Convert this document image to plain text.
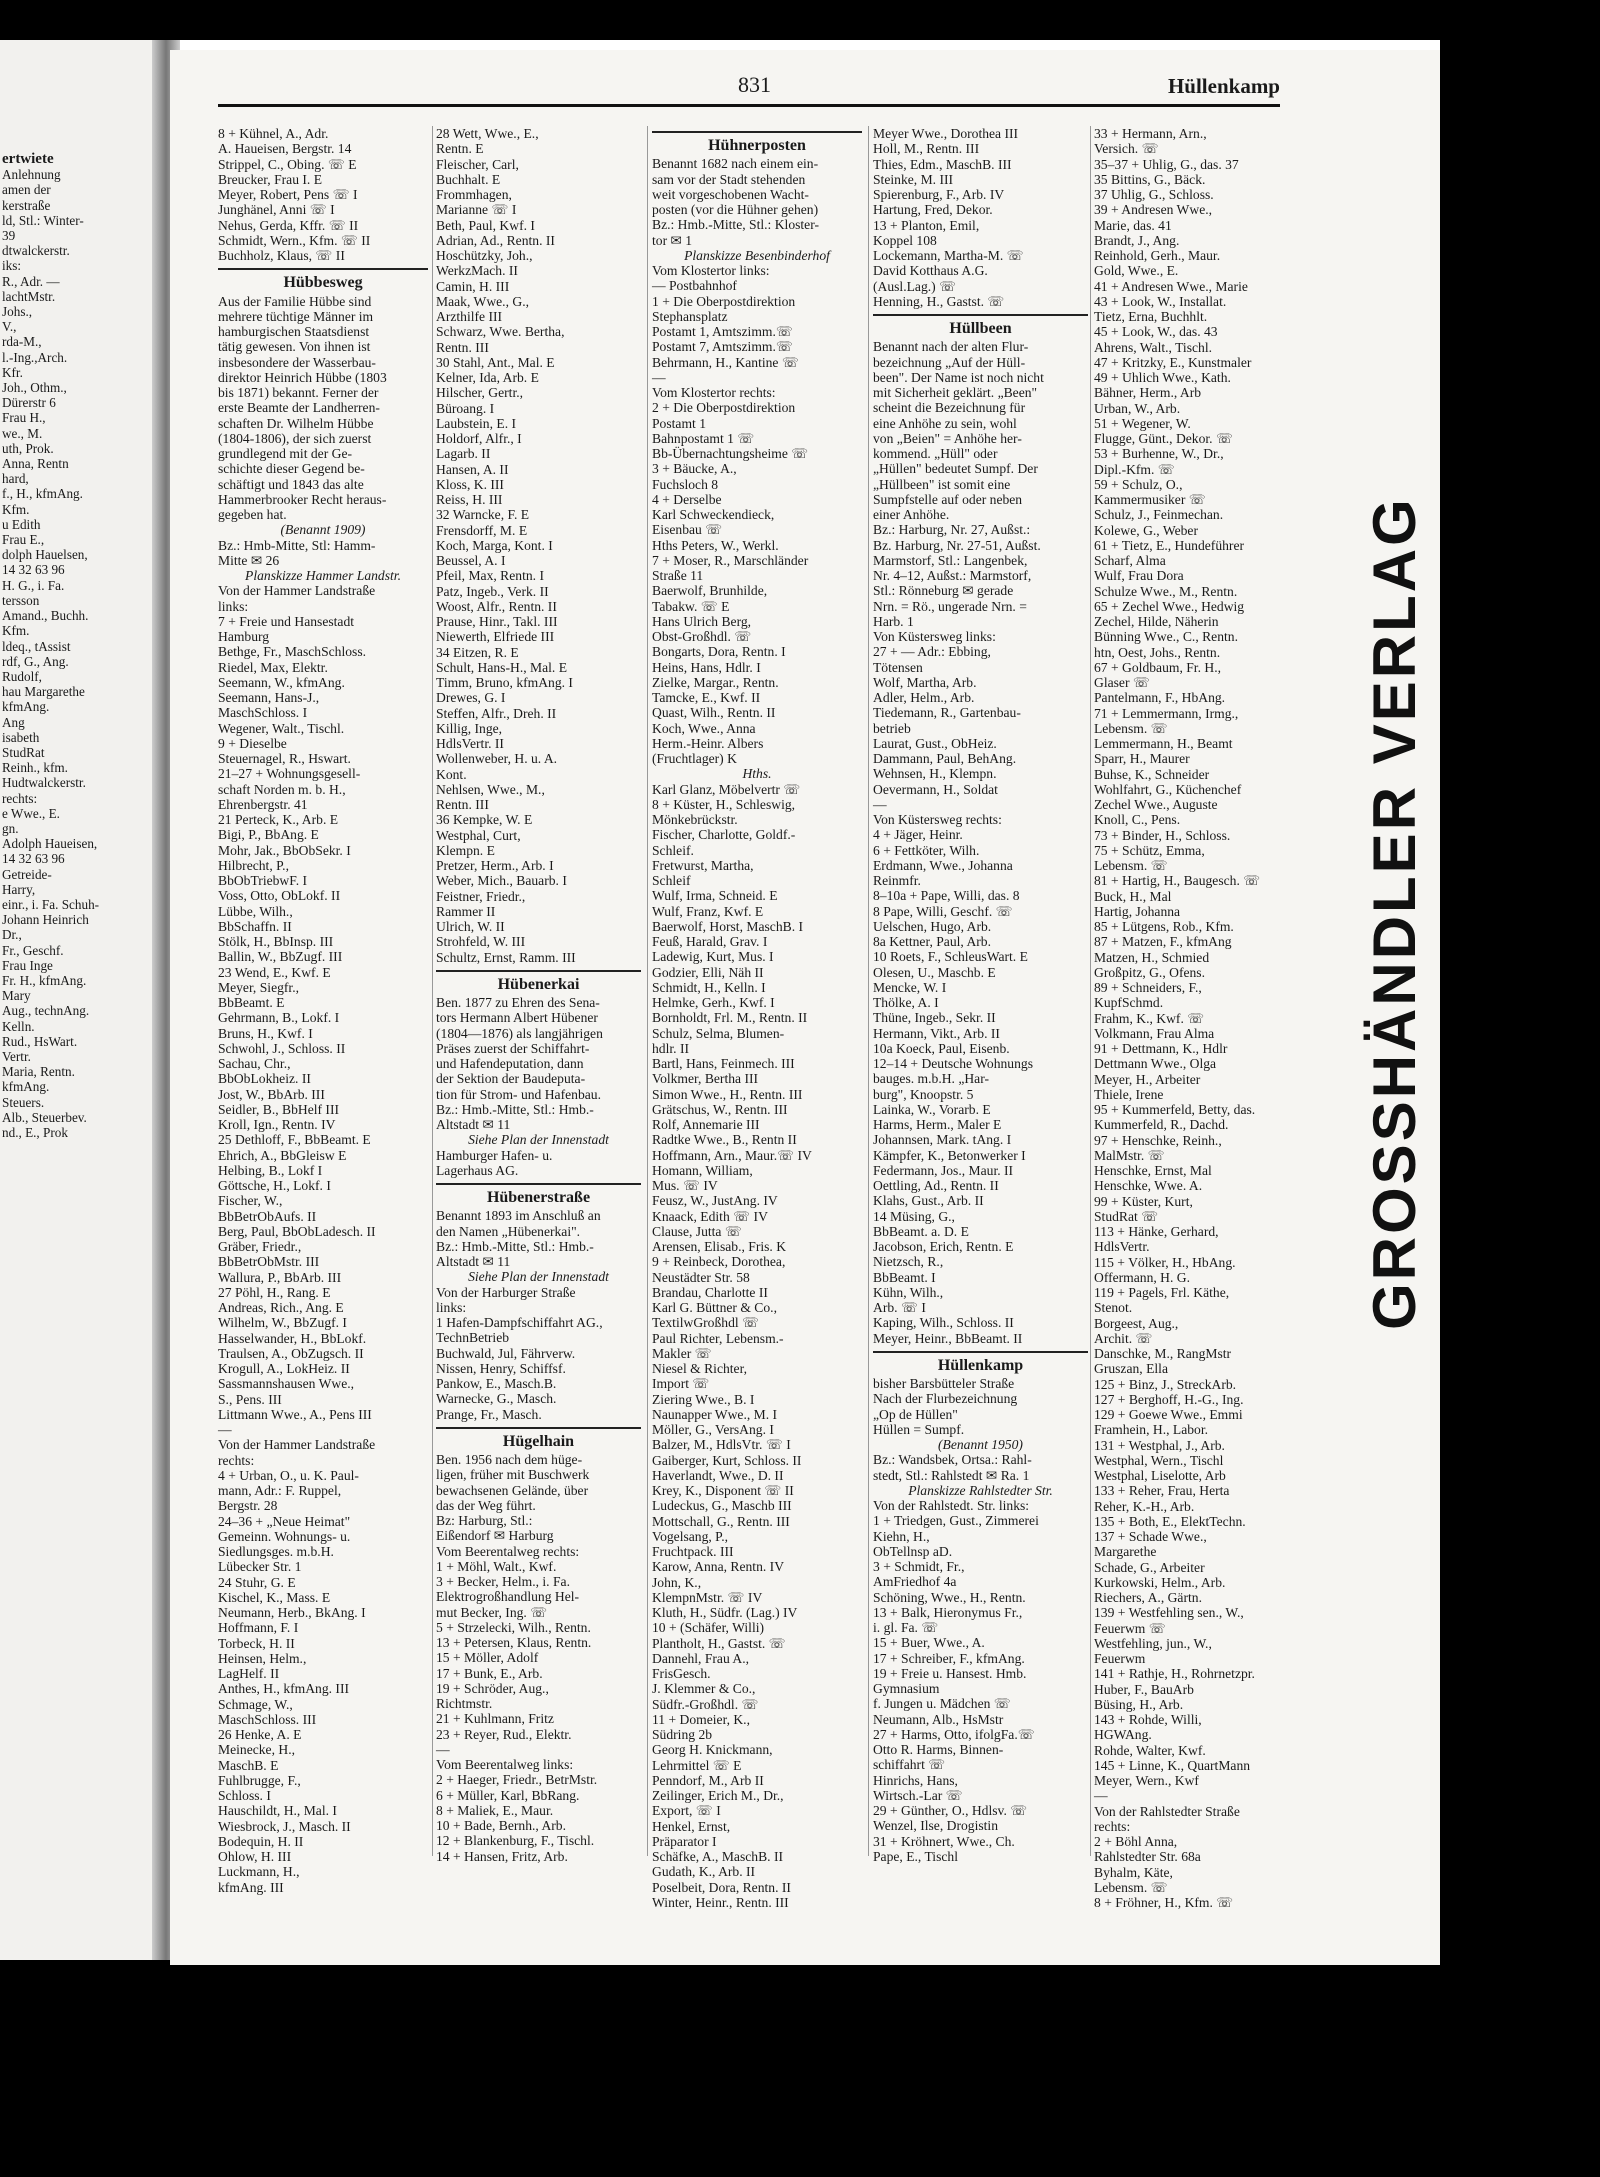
ertwiete
Anlehnung
amen der
kerstraße
ld, Stl.: Winter-
39
dtwalckerstr.
iks:
R., Adr. —
lachtMstr.
Johs.,
V.,
rda-M.,
l.-Ing.,Arch.
Kfr.
Joh., Othm.,
Dürerstr 6
Frau H.,
we., M.
uth, Prok.
Anna, Rentn
hard,
f., H., kfmAng.
Kfm.
u Edith
Frau E.,
dolph Hauelsen,
14 32 63 96
H. G., i. Fa.
tersson
Amand., Buchh.
Kfm.
ldeq., tAssist
rdf, G., Ang.
Rudolf,
hau Margarethe
kfmAng.
Ang
isabeth
StudRat
Reinh., kfm.
Hudtwalckerstr.
rechts:
e Wwe., E.
gn.
Adolph Haueisen,
14 32 63 96
Getreide-
Harry,
einr., i. Fa. Schuh-
Johann Heinrich
Dr.,
Fr., Geschf.
Frau Inge
Fr. H., kfmAng.
Mary
Aug., technAng.
Kelln.
Rud., HsWart.
Vertr.
Maria, Rentn.
kfmAng.
Steuers.
Alb., Steuerbev.
nd., E., Prok
831	Hüllenkamp
8 + Kühnel, A., Adr.
A. Haueisen, Bergstr. 14
Strippel, C., Obing. ☏ E
Breucker, Frau I. E
Meyer, Robert, Pens ☏ I
Junghänel, Anni ☏ I
Nehus, Gerda, Kffr. ☏ II
Schmidt, Wern., Kfm. ☏ II
Buchholz, Klaus, ☏ II
Hübbesweg
Aus der Familie Hübbe sind
mehrere tüchtige Männer im
hamburgischen Staatsdienst
tätig gewesen. Von ihnen ist
insbesondere der Wasserbau-
direktor Heinrich Hübbe (1803
bis 1871) bekannt. Ferner der
erste Beamte der Landherren-
schaften Dr. Wilhelm Hübbe
(1804-1806), der sich zuerst
grundlegend mit der Ge-
schichte dieser Gegend be-
schäftigt und 1843 das alte
Hammerbrooker Recht heraus-
gegeben hat.
(Benannt 1909)
Bz.: Hmb-Mitte, Stl: Hamm-
Mitte ✉ 26
Planskizze Hammer Landstr.
Von der Hammer Landstraße
links:
7 + Freie und Hansestadt
Hamburg
Bethge, Fr., MaschSchloss.
Riedel, Max, Elektr.
Seemann, W., kfmAng.
Seemann, Hans-J.,
MaschSchloss. I
Wegener, Walt., Tischl.
9 + Dieselbe
Steuernagel, R., Hswart.
21–27 + Wohnungsgesell-
schaft Norden m. b. H.,
Ehrenbergstr. 41
21 Perteck, K., Arb. E
Bigi, P., BbAng. E
Mohr, Jak., BbObSekr. I
Hilbrecht, P.,
BbObTriebwF. I
Voss, Otto, ObLokf. II
Lübbe, Wilh.,
BbSchaffn. II
Stölk, H., BbInsp. III
Ballin, W., BbZugf. III
23 Wend, E., Kwf. E
Meyer, Siegfr.,
BbBeamt. E
Gehrmann, B., Lokf. I
Bruns, H., Kwf. I
Schwohl, J., Schloss. II
Sachau, Chr.,
BbObLokheiz. II
Jost, W., BbArb. III
Seidler, B., BbHelf III
Kroll, Ign., Rentn. IV
25 Dethloff, F., BbBeamt. E
Ehrich, A., BbGleisw E
Helbing, B., Lokf I
Göttsche, H., Lokf. I
Fischer, W.,
BbBetrObAufs. II
Berg, Paul, BbObLadesch. II
Gräber, Friedr.,
BbBetrObMstr. III
Wallura, P., BbArb. III
27 Pöhl, H., Rang. E
Andreas, Rich., Ang. E
Wilhelm, W., BbZugf. I
Hasselwander, H., BbLokf.
Traulsen, A., ObZugsch. II
Krogull, A., LokHeiz. II
Sassmannshausen Wwe.,
S., Pens. III
Littmann Wwe., A., Pens III
—
Von der Hammer Landstraße
rechts:
4 + Urban, O., u. K. Paul-
mann, Adr.: F. Ruppel,
Bergstr. 28
24–36 + „Neue Heimat"
Gemeinn. Wohnungs- u.
Siedlungsges. m.b.H.
Lübecker Str. 1
24 Stuhr, G. E
Kischel, K., Mass. E
Neumann, Herb., BkAng. I
Hoffmann, F. I
Torbeck, H. II
Heinsen, Helm.,
LagHelf. II
Anthes, H., kfmAng. III
Schmage, W.,
MaschSchloss. III
26 Henke, A. E
Meinecke, H.,
MaschB. E
Fuhlbrugge, F.,
Schloss. I
Hauschildt, H., Mal. I
Wiesbrock, J., Masch. II
Bodequin, H. II
Ohlow, H. III
Luckmann, H.,
kfmAng. III
28 Wett, Wwe., E.,
Rentn. E
Fleischer, Carl,
Buchhalt. E
Frommhagen,
Marianne ☏ I
Beth, Paul, Kwf. I
Adrian, Ad., Rentn. II
Hoschützky, Joh.,
WerkzMach. II
Camin, H. III
Maak, Wwe., G.,
Arzthilfe III
Schwarz, Wwe. Bertha,
Rentn. III
30 Stahl, Ant., Mal. E
Kelner, Ida, Arb. E
Hilscher, Gertr.,
Büroang. I
Laubstein, E. I
Holdorf, Alfr., I
Lagarb. II
Hansen, A. II
Kloss, K. III
Reiss, H. III
32 Warncke, F. E
Frensdorff, M. E
Koch, Marga, Kont. I
Beussel, A. I
Pfeil, Max, Rentn. I
Patz, Ingeb., Verk. II
Woost, Alfr., Rentn. II
Prause, Hinr., Takl. III
Niewerth, Elfriede III
34 Eitzen, R. E
Schult, Hans-H., Mal. E
Timm, Bruno, kfmAng. I
Drewes, G. I
Steffen, Alfr., Dreh. II
Killig, Inge,
HdlsVertr. II
Wollenweber, H. u. A.
Kont.
Nehlsen, Wwe., M.,
Rentn. III
36 Kempke, W. E
Westphal, Curt,
Klempn. E
Pretzer, Herm., Arb. I
Weber, Mich., Bauarb. I
Feistner, Friedr.,
Rammer II
Ulrich, W. II
Strohfeld, W. III
Schultz, Ernst, Ramm. III
Hübenerkai
Ben. 1877 zu Ehren des Sena-
tors Hermann Albert Hübener
(1804—1876) als langjährigen
Präses zuerst der Schiffahrt-
und Hafendeputation, dann
der Sektion der Baudeputa-
tion für Strom- und Hafenbau.
Bz.: Hmb.-Mitte, Stl.: Hmb.-
Altstadt ✉ 11
Siehe Plan der Innenstadt
Hamburger Hafen- u.
Lagerhaus AG.
Hübenerstraße
Benannt 1893 im Anschluß an
den Namen „Hübenerkai".
Bz.: Hmb.-Mitte, Stl.: Hmb.-
Altstadt ✉ 11
Siehe Plan der Innenstadt
Von der Harburger Straße
links:
1 Hafen-Dampfschiffahrt AG.,
TechnBetrieb
Buchwald, Jul, Fährverw.
Nissen, Henry, Schiffsf.
Pankow, E., Masch.B.
Warnecke, G., Masch.
Prange, Fr., Masch.
Hügelhain
Ben. 1956 nach dem hüge-
ligen, früher mit Buschwerk
bewachsenen Gelände, über
das der Weg führt.
Bz: Harburg, Stl.:
Eißendorf ✉ Harburg
Vom Beerentalweg rechts:
1 + Möhl, Walt., Kwf.
3 + Becker, Helm., i. Fa.
Elektrogroßhandlung Hel-
mut Becker, Ing. ☏
5 + Strzelecki, Wilh., Rentn.
13 + Petersen, Klaus, Rentn.
15 + Möller, Adolf
17 + Bunk, E., Arb.
19 + Schröder, Aug.,
Richtmstr.
21 + Kuhlmann, Fritz
23 + Reyer, Rud., Elektr.
—
Vom Beerentalweg links:
2 + Haeger, Friedr., BetrMstr.
6 + Müller, Karl, BbRang.
8 + Maliek, E., Maur.
10 + Bade, Bernh., Arb.
12 + Blankenburg, F., Tischl.
14 + Hansen, Fritz, Arb.
Hühnerposten
Benannt 1682 nach einem ein-
sam vor der Stadt stehenden
weit vorgeschobenen Wacht-
posten (vor die Hühner gehen)
Bz.: Hmb.-Mitte, Stl.: Kloster-
tor ✉ 1
Planskizze Besenbinderhof
Vom Klostertor links:
— Postbahnhof
1 + Die Oberpostdirektion
Stephansplatz
Postamt 1, Amtszimm.☏
Postamt 7, Amtszimm.☏
Behrmann, H., Kantine ☏
—
Vom Klostertor rechts:
2 + Die Oberpostdirektion
Postamt 1
Bahnpostamt 1 ☏
Bb-Übernachtungsheime ☏
3 + Bäucke, A.,
Fuchsloch 8
4 + Derselbe
Karl Schweckendieck,
Eisenbau ☏
Hths Peters, W., Werkl.
7 + Moser, R., Marschländer
Straße 11
Baerwolf, Brunhilde,
Tabakw. ☏ E
Hans Ulrich Berg,
Obst-Großhdl. ☏
Bongarts, Dora, Rentn. I
Heins, Hans, Hdlr. I
Zielke, Margar., Rentn.
Tamcke, E., Kwf. II
Quast, Wilh., Rentn. II
Koch, Wwe., Anna
Herm.-Heinr. Albers
(Fruchtlager) K
Hths.
Karl Glanz, Möbelvertr ☏
8 + Küster, H., Schleswig,
Mönkebrückstr.
Fischer, Charlotte, Goldf.-
Schleif.
Fretwurst, Martha,
Schleif
Wulf, Irma, Schneid. E
Wulf, Franz, Kwf. E
Baerwolf, Horst, MaschB. I
Feuß, Harald, Grav. I
Ladewig, Kurt, Mus. I
Godzier, Elli, Näh II
Schmidt, H., Kelln. I
Helmke, Gerh., Kwf. I
Bornholdt, Frl. M., Rentn. II
Schulz, Selma, Blumen-
hdlr. II
Bartl, Hans, Feinmech. III
Volkmer, Bertha III
Simon Wwe., H., Rentn. III
Grätschus, W., Rentn. III
Rolf, Annemarie III
Radtke Wwe., B., Rentn II
Hoffmann, Arn., Maur.☏ IV
Homann, William,
Mus. ☏ IV
Feusz, W., JustAng. IV
Knaack, Edith ☏ IV
Clause, Jutta ☏
Arensen, Elisab., Fris. K
9 + Reinbeck, Dorothea,
Neustädter Str. 58
Brandau, Charlotte II
Karl G. Büttner & Co.,
TextilwGroßhdl ☏
Paul Richter, Lebensm.-
Makler ☏
Niesel & Richter,
Import ☏
Ziering Wwe., B. I
Naunapper Wwe., M. I
Möller, G., VersAng. I
Balzer, M., HdlsVtr. ☏ I
Gaiberger, Kurt, Schloss. II
Haverlandt, Wwe., D. II
Krey, K., Disponent ☏ II
Ludeckus, G., Maschb III
Mottschall, G., Rentn. III
Vogelsang, P.,
Fruchtpack. III
Karow, Anna, Rentn. IV
John, K.,
KlempnMstr. ☏ IV
Kluth, H., Südfr. (Lag.) IV
10 + (Schäfer, Willi)
Plantholt, H., Gastst. ☏
Dannehl, Frau A.,
FrisGesch.
J. Klemmer & Co.,
Südfr.-Großhdl. ☏
11 + Domeier, K.,
Südring 2b
Georg H. Knickmann,
Lehrmittel ☏ E
Penndorf, M., Arb II
Zeilinger, Erich M., Dr.,
Export, ☏ I
Henkel, Ernst,
Präparator I
Schäfke, A., MaschB. II
Gudath, K., Arb. II
Poselbeit, Dora, Rentn. II
Winter, Heinr., Rentn. III
Meyer Wwe., Dorothea III
Holl, M., Rentn. III
Thies, Edm., MaschB. III
Steinke, M. III
Spierenburg, F., Arb. IV
Hartung, Fred, Dekor.
13 + Planton, Emil,
Koppel 108
Lockemann, Martha-M. ☏
David Kotthaus A.G.
(Ausl.Lag.) ☏
Henning, H., Gastst. ☏
Hüllbeen
Benannt nach der alten Flur-
bezeichnung „Auf der Hüll-
been". Der Name ist noch nicht
mit Sicherheit geklärt. „Been"
scheint die Bezeichnung für
eine Anhöhe zu sein, wohl
von „Beien" = Anhöhe her-
kommend. „Hüll" oder
„Hüllen" bedeutet Sumpf. Der
„Hüllbeen" ist somit eine
Sumpfstelle auf oder neben
einer Anhöhe.
Bz.: Harburg, Nr. 27, Außst.:
Bz. Harburg, Nr. 27-51, Außst.
Marmstorf, Stl.: Langenbek,
Nr. 4–12, Außst.: Marmstorf,
Stl.: Rönneburg ✉ gerade
Nrn. = Rö., ungerade Nrn. =
Harb. 1
Von Küstersweg links:
27 + — Adr.: Ebbing,
Tötensen
Wolf, Martha, Arb.
Adler, Helm., Arb.
Tiedemann, R., Gartenbau-
betrieb
Laurat, Gust., ObHeiz.
Dammann, Paul, BehAng.
Wehnsen, H., Klempn.
Oevermann, H., Soldat
—
Von Küstersweg rechts:
4 + Jäger, Heinr.
6 + Fettköter, Wilh.
Erdmann, Wwe., Johanna
Reinmfr.
8–10a + Pape, Willi, das. 8
8 Pape, Willi, Geschf. ☏
Uelschen, Hugo, Arb.
8a Kettner, Paul, Arb.
10 Roets, F., SchleusWart. E
Olesen, U., Maschb. E
Mencke, W. I
Thölke, A. I
Thüne, Ingeb., Sekr. II
Hermann, Vikt., Arb. II
10a Koeck, Paul, Eisenb.
12–14 + Deutsche Wohnungs
bauges. m.b.H. „Har-
burg", Knoopstr. 5
Lainka, W., Vorarb. E
Harms, Herm., Maler E
Johannsen, Mark. tAng. I
Kämpfer, K., Betonwerker I
Federmann, Jos., Maur. II
Oettling, Ad., Rentn. II
Klahs, Gust., Arb. II
14 Müsing, G.,
BbBeamt. a. D. E
Jacobson, Erich, Rentn. E
Nietzsch, R.,
BbBeamt. I
Kühn, Wilh.,
Arb. ☏ I
Kaping, Wilh., Schloss. II
Meyer, Heinr., BbBeamt. II
Hüllenkamp
bisher Barsbütteler Straße
Nach der Flurbezeichnung
„Op de Hüllen"
Hüllen = Sumpf.
(Benannt 1950)
Bz.: Wandsbek, Ortsa.: Rahl-
stedt, Stl.: Rahlstedt ✉ Ra. 1
Planskizze Rahlstedter Str.
Von der Rahlstedt. Str. links:
1 + Triedgen, Gust., Zimmerei
Kiehn, H.,
ObTellnsp aD.
3 + Schmidt, Fr.,
AmFriedhof 4a
Schöning, Wwe., H., Rentn.
13 + Balk, Hieronymus Fr.,
i. gl. Fa. ☏
15 + Buer, Wwe., A.
17 + Schreiber, F., kfmAng.
19 + Freie u. Hansest. Hmb.
Gymnasium
f. Jungen u. Mädchen ☏
Neumann, Alb., HsMstr
27 + Harms, Otto, ifolgFa.☏
Otto R. Harms, Binnen-
schiffahrt ☏
Hinrichs, Hans,
Wirtsch.-Lar ☏
29 + Günther, O., Hdlsv. ☏
Wenzel, Ilse, Drogistin
31 + Kröhnert, Wwe., Ch.
Pape, E., Tischl
33 + Hermann, Arn.,
Versich. ☏
35–37 + Uhlig, G., das. 37
35 Bittins, G., Bäck.
37 Uhlig, G., Schloss.
39 + Andresen Wwe.,
Marie, das. 41
Brandt, J., Ang.
Reinhold, Gerh., Maur.
Gold, Wwe., E.
41 + Andresen Wwe., Marie
43 + Look, W., Installat.
Tietz, Erna, Buchhlt.
45 + Look, W., das. 43
Ahrens, Walt., Tischl.
47 + Kritzky, E., Kunstmaler
49 + Uhlich Wwe., Kath.
Bähner, Herm., Arb
Urban, W., Arb.
51 + Wegener, W.
Flugge, Günt., Dekor. ☏
53 + Burhenne, W., Dr.,
Dipl.-Kfm. ☏
59 + Schulz, O.,
Kammermusiker ☏
Schulz, J., Feinmechan.
Kolewe, G., Weber
61 + Tietz, E., Hundeführer
Scharf, Alma
Wulf, Frau Dora
Schulze Wwe., M., Rentn.
65 + Zechel Wwe., Hedwig
Zechel, Hilde, Näherin
Bünning Wwe., C., Rentn.
htn, Oest, Johs., Rentn.
67 + Goldbaum, Fr. H.,
Glaser ☏
Pantelmann, F., HbAng.
71 + Lemmermann, Irmg.,
Lebensm. ☏
Lemmermann, H., Beamt
Sparr, H., Maurer
Buhse, K., Schneider
Wohlfahrt, G., Küchenchef
Zechel Wwe., Auguste
Knoll, C., Pens.
73 + Binder, H., Schloss.
75 + Schütz, Emma,
Lebensm. ☏
81 + Hartig, H., Baugesch. ☏
Buck, H., Mal
Hartig, Johanna
85 + Lütgens, Rob., Kfm.
87 + Matzen, F., kfmAng
Matzen, H., Schmied
Großpitz, G., Ofens.
89 + Schneiders, F.,
KupfSchmd.
Frahm, K., Kwf. ☏
Volkmann, Frau Alma
91 + Dettmann, K., Hdlr
Dettmann Wwe., Olga
Meyer, H., Arbeiter
Thiele, Irene
95 + Kummerfeld, Betty, das.
Kummerfeld, R., Dachd.
97 + Henschke, Reinh.,
MalMstr. ☏
Henschke, Ernst, Mal
Henschke, Wwe. A.
99 + Küster, Kurt,
StudRat ☏
113 + Hänke, Gerhard,
HdlsVertr.
115 + Völker, H., HbAng.
Offermann, H. G.
119 + Pagels, Frl. Käthe,
Stenot.
Borgeest, Aug.,
Archit. ☏
Danschke, M., RangMstr
Gruszan, Ella
125 + Binz, J., StreckArb.
127 + Berghoff, H.-G., Ing.
129 + Goewe Wwe., Emmi
Framhein, H., Labor.
131 + Westphal, J., Arb.
Westphal, Wern., Tischl
Westphal, Liselotte, Arb
133 + Reher, Frau, Herta
Reher, K.-H., Arb.
135 + Both, E., ElektTechn.
137 + Schade Wwe.,
Margarethe
Schade, G., Arbeiter
Kurkowski, Helm., Arb.
Riechers, A., Gärtn.
139 + Westfehling sen., W.,
Feuerwm ☏
Westfehling, jun., W.,
Feuerwm
141 + Rathje, H., Rohrnetzpr.
Huber, F., BauArb
Büsing, H., Arb.
143 + Rohde, Willi,
HGWAng.
Rohde, Walter, Kwf.
145 + Linne, K., QuartMann
Meyer, Wern., Kwf
—
Von der Rahlstedter Straße
rechts:
2 + Böhl Anna,
Rahlstedter Str. 68a
Byhalm, Käte,
Lebensm. ☏
8 + Fröhner, H., Kfm. ☏
GROSSHÄNDLER VERLAG
